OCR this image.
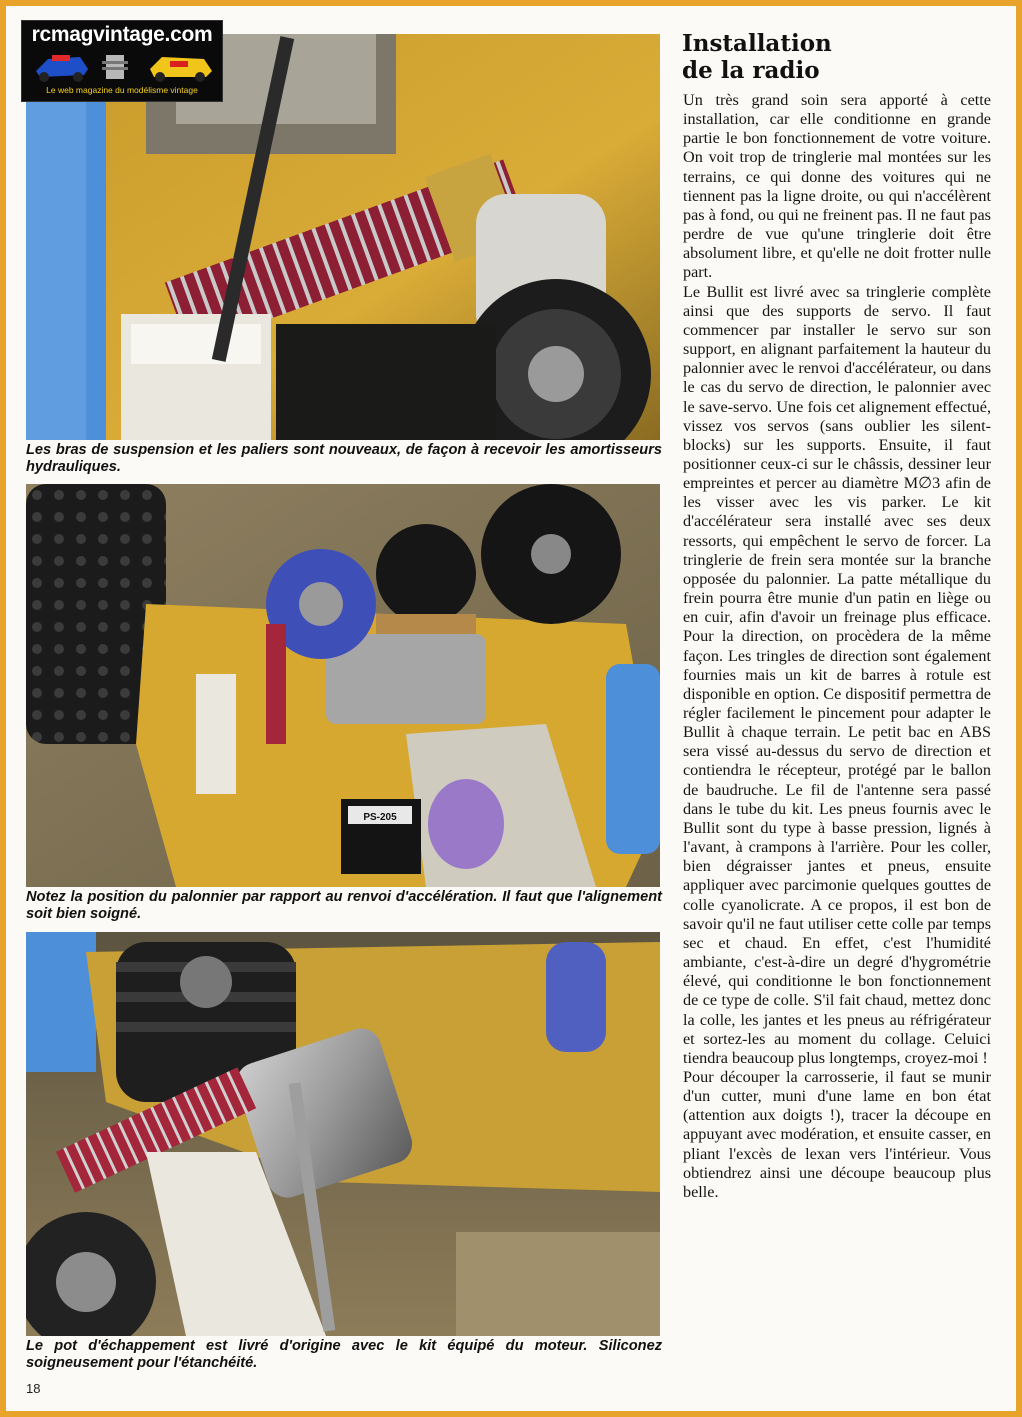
rcmagvintage.com
Le web magazine du modélisme vintage
Les bras de suspension et les paliers sont nouveaux, de façon à recevoir les amortisseurs hydrauliques.
PS-205
Notez la position du palonnier par rapport au renvoi d'accélération. Il faut que l'alignement soit bien soigné.
Le pot d'échappement est livré d'origine avec le kit équipé du moteur. Siliconez soigneusement pour l'étanchéité.
Installation
de la radio

Un très grand soin sera apporté à cette installation, car elle conditionne en grande partie le bon fonctionnement de votre voiture. On voit trop de tringlerie mal montées sur les terrains, ce qui donne des voitures qui ne tiennent pas la ligne droite, ou qui n'accélèrent pas à fond, ou qui ne freinent pas. Il ne faut pas perdre de vue qu'une tringlerie doit être absolument libre, et qu'elle ne doit frotter nulle part.

Le Bullit est livré avec sa tringlerie complète ainsi que des supports de servo. Il faut commencer par installer le servo sur son support, en alignant parfaitement la hauteur du palonnier avec le renvoi d'accélérateur, ou dans le cas du servo de direction, le palonnier avec le save-servo. Une fois cet alignement effectué, vissez vos servos (sans oublier les silent-blocks) sur les supports. Ensuite, il faut positionner ceux-ci sur le châssis, dessiner leur empreintes et percer au diamètre M∅3 afin de les visser avec les vis parker. Le kit d'accélérateur sera installé avec ses deux ressorts, qui empêchent le servo de forcer. La tringlerie de frein sera montée sur la branche opposée du palonnier. La patte métallique du frein pourra être munie d'un patin en liège ou en cuir, afin d'avoir un freinage plus efficace. Pour la direction, on procèdera de la même façon. Les tringles de direction sont également fournies mais un kit de barres à rotule est disponible en option. Ce dispositif permettra de régler facilement le pincement pour adapter le Bullit à chaque terrain. Le petit bac en ABS sera vissé au-dessus du servo de direction et contiendra le récepteur, protégé par le ballon de baudruche. Le fil de l'antenne sera passé dans le tube du kit. Les pneus fournis avec le Bullit sont du type à basse pression, lignés à l'avant, à crampons à l'arrière. Pour les coller, bien dégraisser jantes et pneus, ensuite appliquer avec parcimonie quelques gouttes de colle cyanolicrate. A ce propos, il est bon de savoir qu'il ne faut utiliser cette colle par temps sec et chaud. En effet, c'est l'humidité ambiante, c'est-à-dire un degré d'hygrométrie élevé, qui conditionne le bon fonctionnement de ce type de colle. S'il fait chaud, mettez donc la colle, les jantes et les pneus au réfrigérateur et sortez-les au moment du collage. Celuici tiendra beaucoup plus longtemps, croyez-moi !

Pour découper la carrosserie, il faut se munir d'un cutter, muni d'une lame en bon état (attention aux doigts !), tracer la découpe en appuyant avec modération, et ensuite casser, en pliant l'excès de lexan vers l'intérieur. Vous obtiendrez ainsi une découpe beaucoup plus belle.

18
